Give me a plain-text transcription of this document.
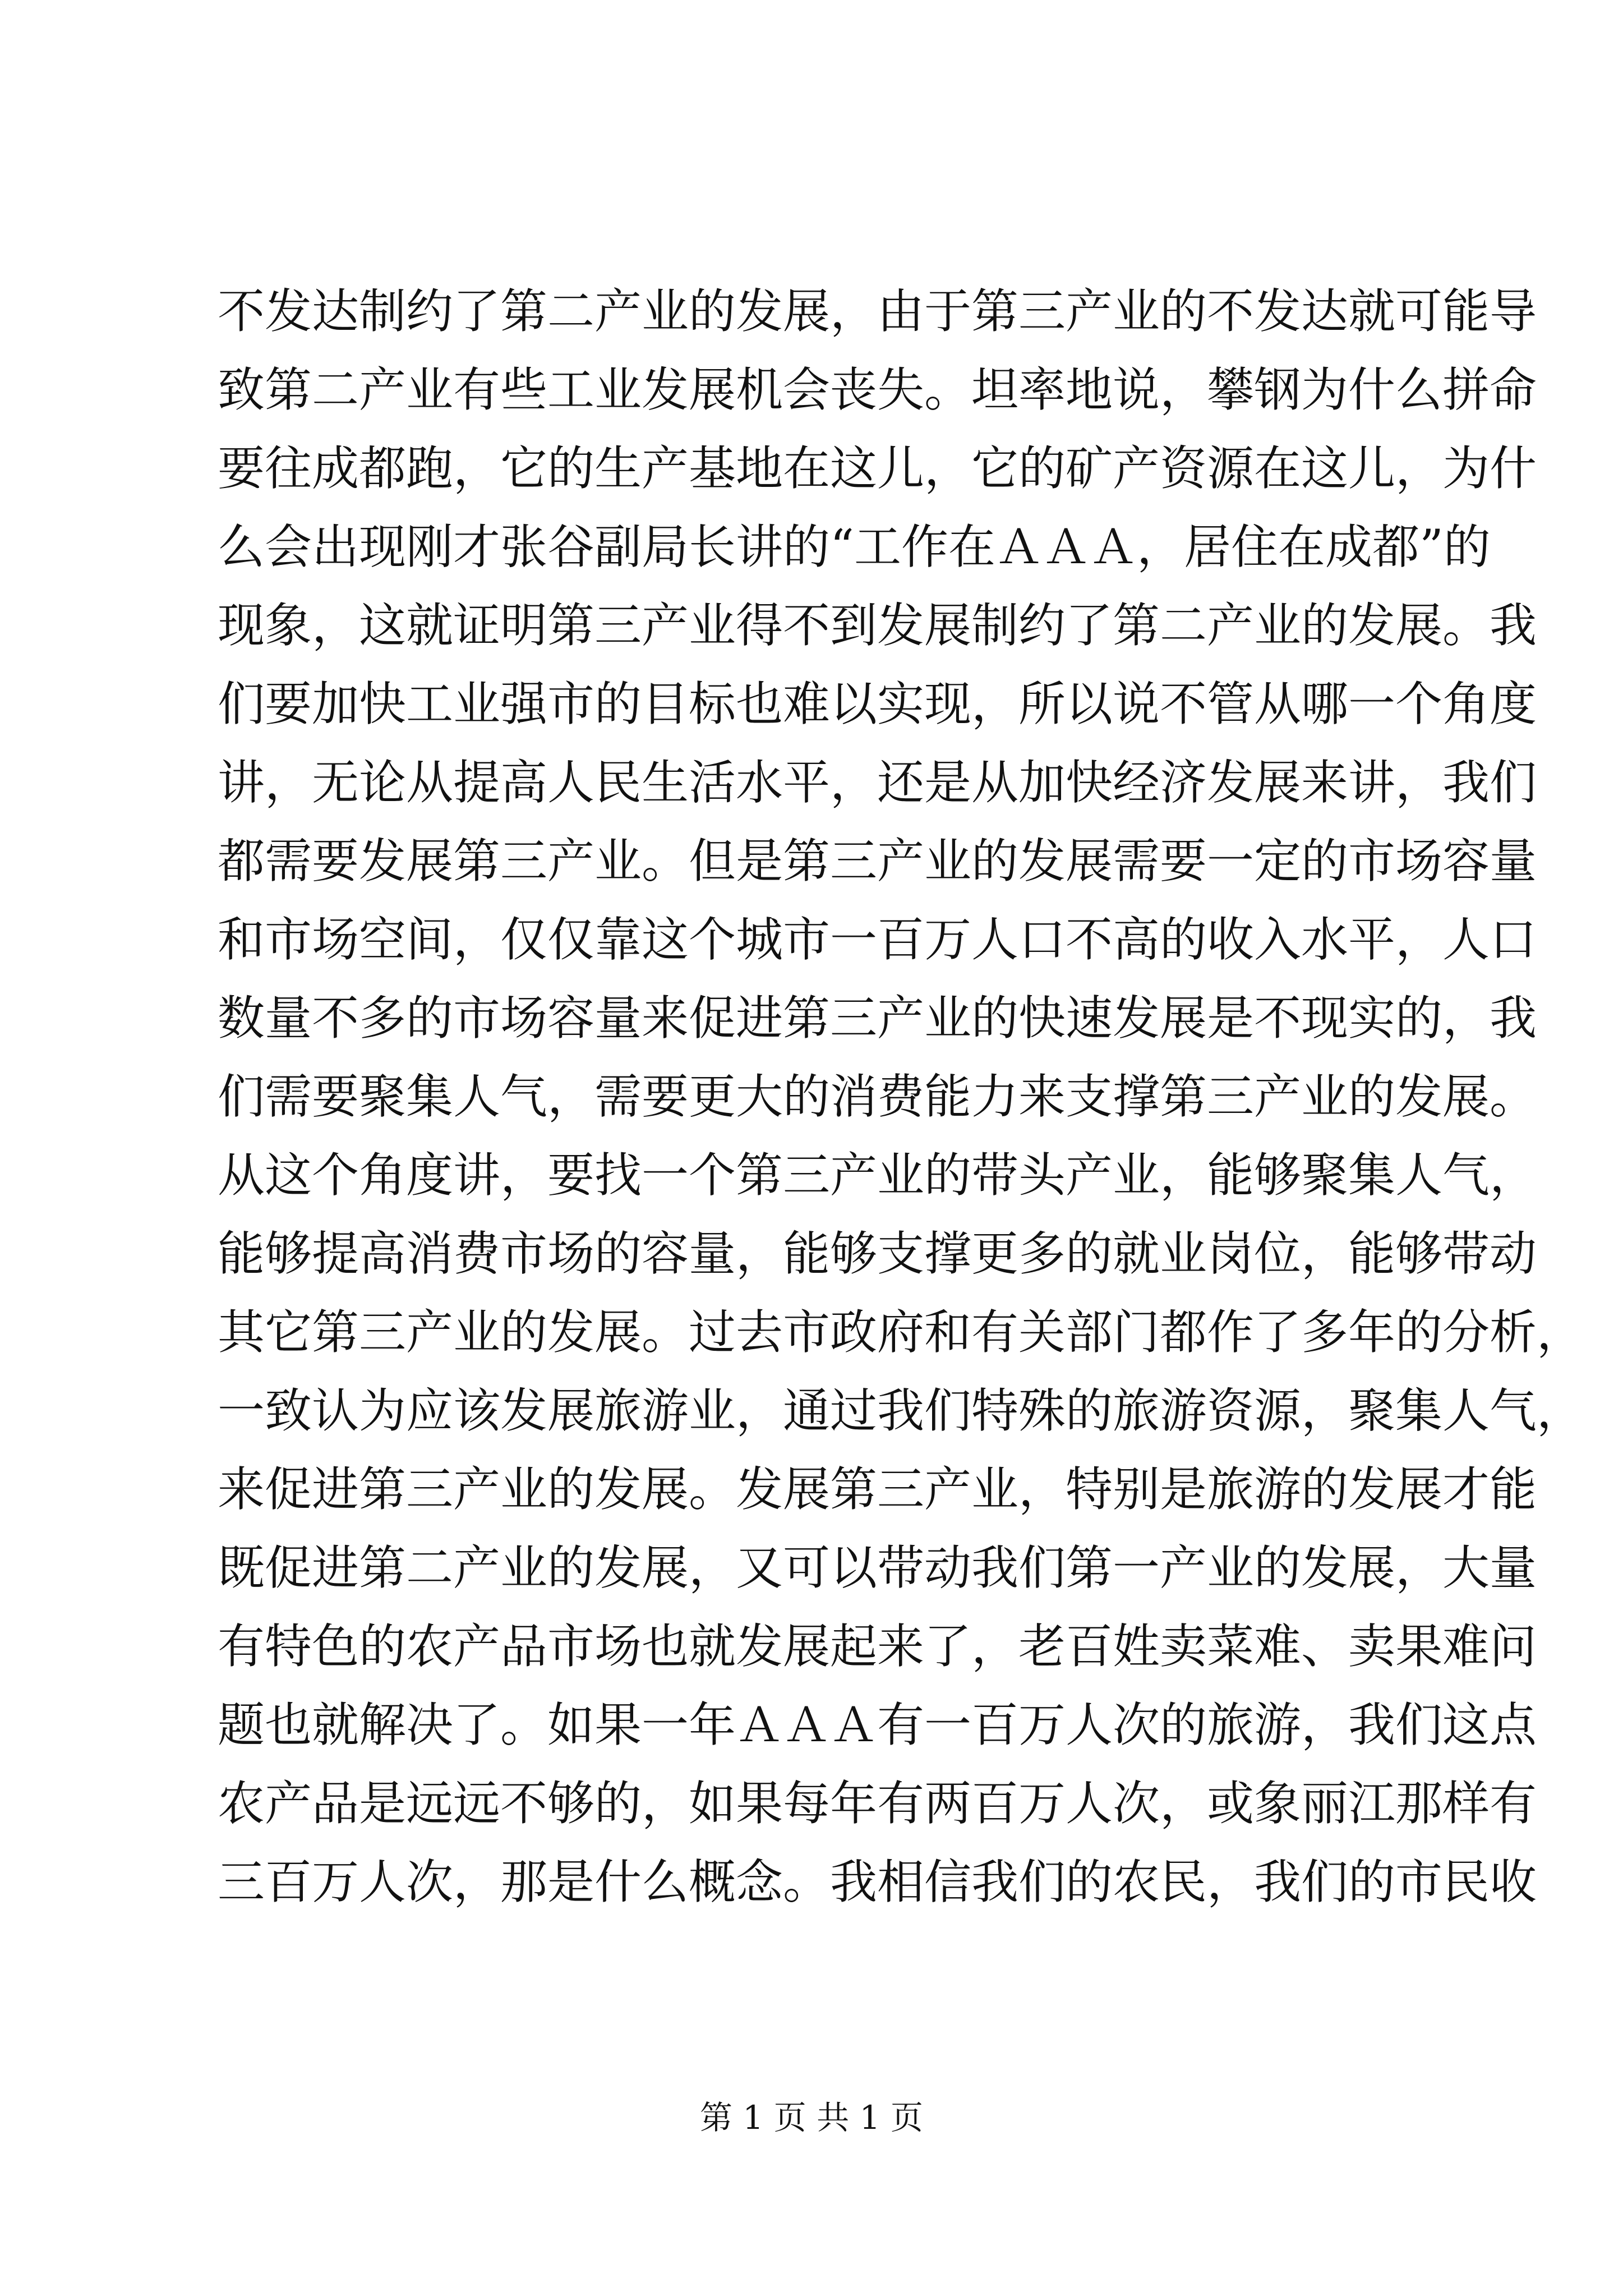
不发达制约了第二产业的发展，由于第三产业的不发达就可能导
致第二产业有些工业发展机会丧失。坦率地说，攀钢为什么拼命
要往成都跑，它的生产基地在这儿，它的矿产资源在这儿，为什
么会出现刚才张谷副局长讲的“工作在ＡＡＡ，居住在成都”的
现象，这就证明第三产业得不到发展制约了第二产业的发展。我
们要加快工业强市的目标也难以实现，所以说不管从哪一个角度
讲，无论从提高人民生活水平，还是从加快经济发展来讲，我们
都需要发展第三产业。但是第三产业的发展需要一定的市场容量
和市场空间，仅仅靠这个城市一百万人口不高的收入水平，人口
数量不多的市场容量来促进第三产业的快速发展是不现实的，我
们需要聚集人气，需要更大的消费能力来支撑第三产业的发展。
从这个角度讲，要找一个第三产业的带头产业，能够聚集人气，
能够提高消费市场的容量，能够支撑更多的就业岗位，能够带动
其它第三产业的发展。过去市政府和有关部门都作了多年的分析，
一致认为应该发展旅游业，通过我们特殊的旅游资源，聚集人气，
来促进第三产业的发展。发展第三产业，特别是旅游的发展才能
既促进第二产业的发展，又可以带动我们第一产业的发展，大量
有特色的农产品市场也就发展起来了，老百姓卖菜难、卖果难问
题也就解决了。如果一年ＡＡＡ有一百万人次的旅游，我们这点
农产品是远远不够的，如果每年有两百万人次，或象丽江那样有
三百万人次，那是什么概念。我相信我们的农民，我们的市民收
第 1 页 共 1 页
